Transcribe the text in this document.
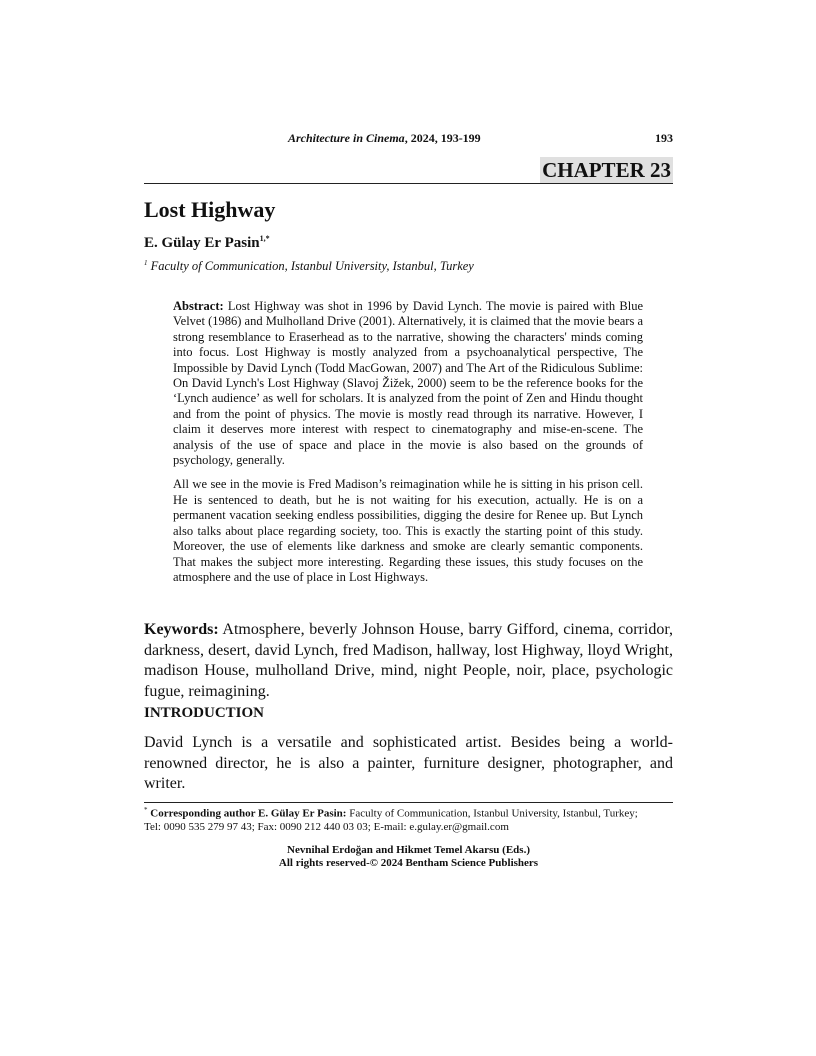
Architecture in Cinema, 2024, 193-199	193
CHAPTER 23
Lost Highway
E. Gülay Er Pasin$^{1,*}$
$^1$ Faculty of Communication, Istanbul University, Istanbul, Turkey

Abstract: Lost Highway was shot in 1996 by David Lynch. The movie is paired with Blue Velvet (1986) and Mulholland Drive (2001). Alternatively, it is claimed that the movie bears a strong resemblance to Eraserhead as to the narrative, showing the characters' minds coming into focus. Lost Highway is mostly analyzed from a psychoanalytical perspective, The Impossible by David Lynch (Todd MacGowan, 2007) and The Art of the Ridiculous Sublime: On David Lynch's Lost Highway (Slavoj Žižek, 2000) seem to be the reference books for the ‘Lynch audience’ as well for scholars. It is analyzed from the point of Zen and Hindu thought and from the point of physics. The movie is mostly read through its narrative. However, I claim it deserves more interest with respect to cinematography and mise-en-scene. The analysis of the use of space and place in the movie is also based on the grounds of psychology, generally.

All we see in the movie is Fred Madison’s reimagination while he is sitting in his prison cell. He is sentenced to death, but he is not waiting for his execution, actually. He is on a permanent vacation seeking endless possibilities, digging the desire for Renee up. But Lynch also talks about place regarding society, too. This is exactly the starting point of this study. Moreover, the use of elements like darkness and smoke are clearly semantic components. That makes the subject more interesting. Regarding these issues, this study focuses on the atmosphere and the use of place in Lost Highways.

Keywords: Atmosphere, beverly Johnson House, barry Gifford, cinema, corridor, darkness, desert, david Lynch, fred Madison, hallway, lost Highway, lloyd Wright, madison House, mulholland Drive, mind, night People, noir, place, psychologic fugue, reimagining.
INTRODUCTION
David Lynch is a versatile and sophisticated artist. Besides being a world-renowned director, he is also a painter, furniture designer, photographer, and writer.
* Corresponding author E. Gülay Er Pasin: Faculty of Communication, Istanbul University, Istanbul, Turkey;
Tel: 0090 535 279 97 43; Fax: 0090 212 440 03 03; E-mail: e.gulay.er@gmail.com
Nevnihal Erdoğan and Hikmet Temel Akarsu (Eds.)
All rights reserved-© 2024 Bentham Science Publishers
